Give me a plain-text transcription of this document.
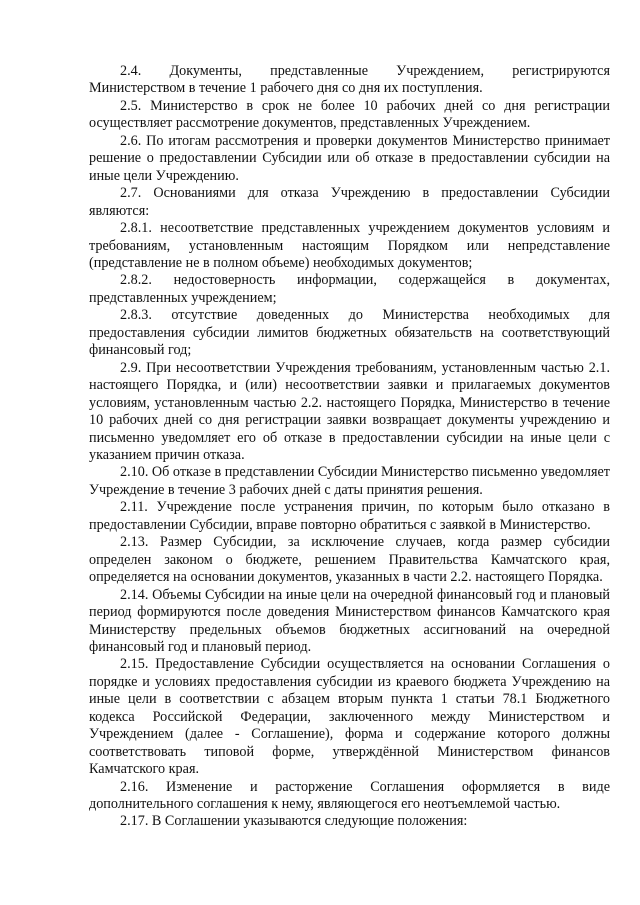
2.4. Документы, представленные Учреждением, регистрируются Министерством в течение 1 рабочего дня со дня их поступления.

2.5. Министерство в срок не более 10 рабочих дней со дня регистрации осуществляет рассмотрение документов, представленных Учреждением.

2.6. По итогам рассмотрения и проверки документов Министерство принимает решение о предоставлении Субсидии или об отказе в предоставлении субсидии на иные цели Учреждению.

2.7. Основаниями для отказа Учреждению в предоставлении Субсидии являются:

2.8.1. несоответствие представленных учреждением документов условиям и требованиям, установленным настоящим Порядком или непредставление (представление не в полном объеме) необходимых документов;

2.8.2. недостоверность информации, содержащейся в документах, представленных учреждением;

2.8.3. отсутствие доведенных до Министерства необходимых для предоставления субсидии лимитов бюджетных обязательств на соответствующий финансовый год;

2.9. При несоответствии Учреждения требованиям, установленным частью 2.1. настоящего Порядка, и (или) несоответствии заявки и прилагаемых документов условиям, установленным частью 2.2. настоящего Порядка, Министерство в течение 10 рабочих дней со дня регистрации заявки возвращает документы учреждению и письменно уведомляет его об отказе в предоставлении субсидии на иные цели с указанием причин отказа.

2.10. Об отказе в представлении Субсидии Министерство письменно уведомляет Учреждение в течение 3 рабочих дней с даты принятия решения.

2.11. Учреждение после устранения причин, по которым было отказано в предоставлении Субсидии, вправе повторно обратиться с заявкой в Министерство.

2.13. Размер Субсидии, за исключение случаев, когда размер субсидии определен законом о бюджете, решением Правительства Камчатского края, определяется на основании документов, указанных в части 2.2. настоящего Порядка.

2.14. Объемы Субсидии на иные цели на очередной финансовый год и плановый период формируются после доведения Министерством финансов Камчатского края Министерству предельных объемов бюджетных ассигнований на очередной финансовый год и плановый период.

2.15. Предоставление Субсидии осуществляется на основании Соглашения о порядке и условиях предоставления субсидии из краевого бюджета Учреждению на иные цели в соответствии с абзацем вторым пункта 1 статьи 78.1 Бюджетного кодекса Российской Федерации, заключенного между Министерством и Учреждением (далее - Соглашение), форма и содержание которого должны соответствовать типовой форме, утверждённой Министерством финансов Камчатского края.

2.16. Изменение и расторжение Соглашения оформляется в виде дополнительного соглашения к нему, являющегося его неотъемлемой частью.

2.17. В Соглашении указываются следующие положения:
